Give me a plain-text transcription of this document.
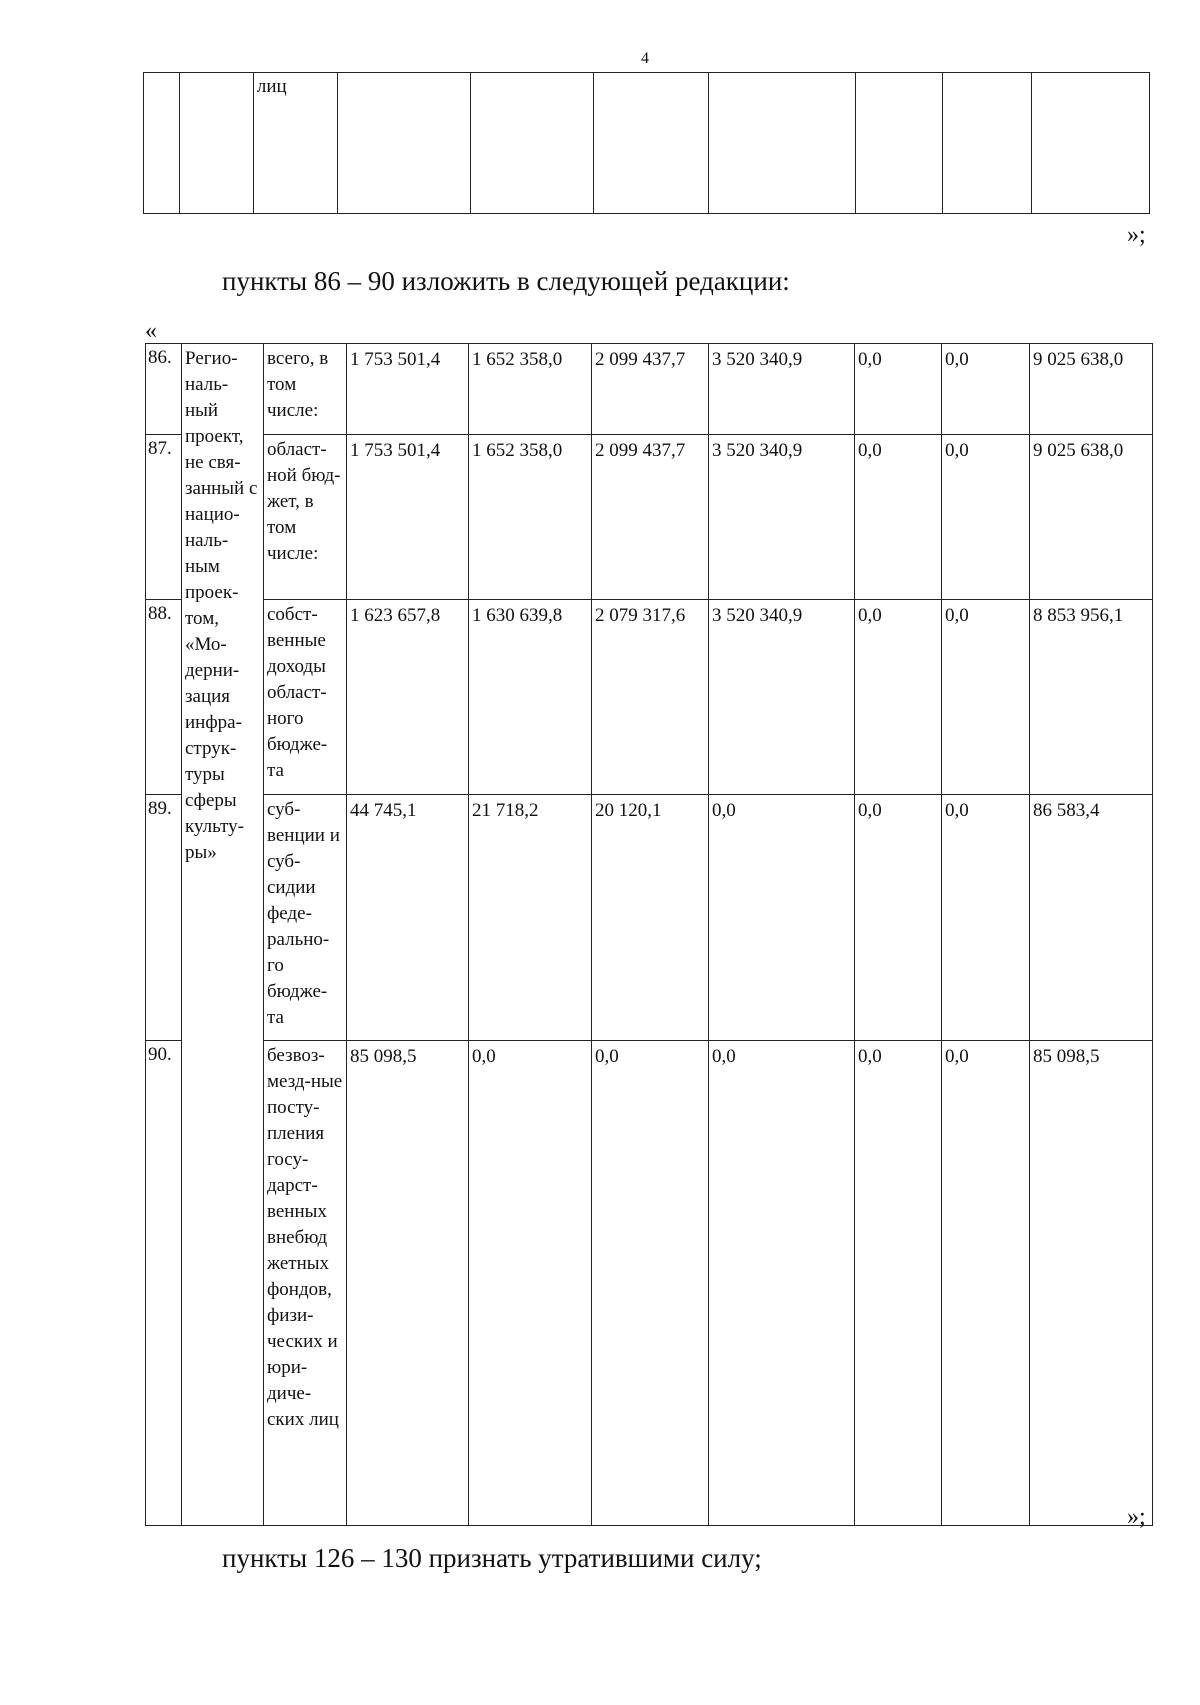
4
		лиц							
»;
пункты 86 – 90 изложить в следующей редакции:
«
86.	Регио-наль-ный проект, не свя-занный с нацио-наль-ным проек-том, «Мо-дерни-зация инфра-струк-туры сферы культу-ры»	всего, в том числе:	1 753 501,4	1 652 358,0	2 099 437,7	3 520 340,9	0,0	0,0	9 025 638,0
87.		област-ной бюд-жет, в том числе:	1 753 501,4	1 652 358,0	2 099 437,7	3 520 340,9	0,0	0,0	9 025 638,0
88.		собст-венные доходы област-ного бюдже-та	1 623 657,8	1 630 639,8	2 079 317,6	3 520 340,9	0,0	0,0	8 853 956,1
89.		суб-венции и суб-сидии феде-рально-го бюдже-та	44 745,1	21 718,2	20 120,1	0,0	0,0	0,0	86 583,4
90.		безвоз-мезд-ные посту-пления госу-дарст-венных внебюд жетных фондов, физи-ческих и юри-диче-ских лиц	85 098,5	0,0	0,0	0,0	0,0	0,0	85 098,5
»;
пункты 126 – 130 признать утратившими силу;
